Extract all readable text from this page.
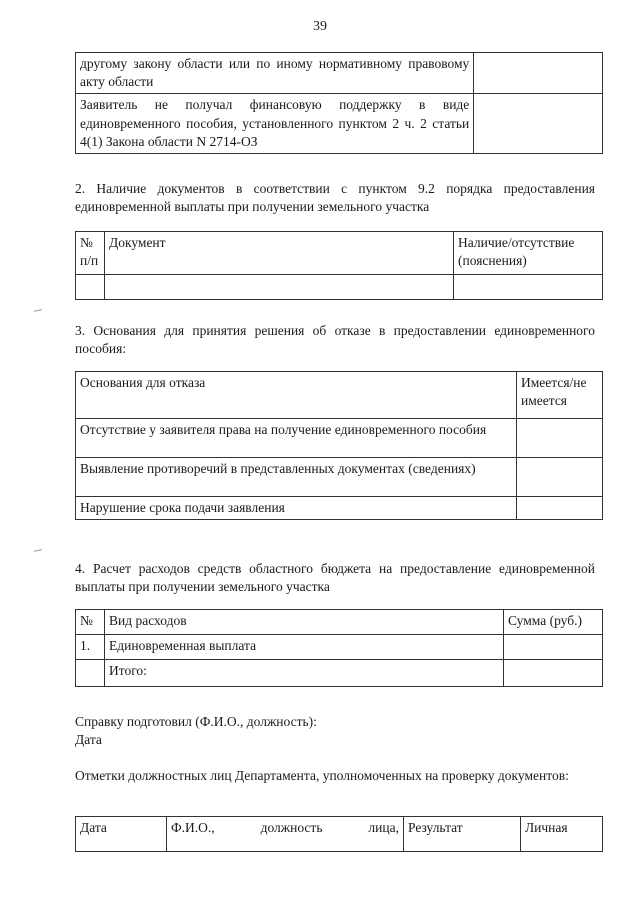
39
другому закону области или по иному нормативному правовому акту области	
Заявитель не получал финансовую поддержку в виде единовременного пособия, установленного пунктом 2 ч. 2 статьи 4(1) Закона области N 2714-ОЗ	
2. Наличие документов в соответствии с пунктом 9.2 порядка предоставления единовременной выплаты при получении земельного участка
№ п/п	Документ	Наличие/отсутствие (пояснения)

3. Основания для принятия решения об отказе в предоставлении единовременного пособия:
Основания для отказа	Имеется/не имеется
Отсутствие у заявителя права на получение единовременного пособия	
Выявление противоречий в представленных документах (сведениях)	
Нарушение срока подачи заявления	
4. Расчет расходов средств областного бюджета на предоставление единовременной выплаты при получении земельного участка
№	Вид расходов	Сумма (руб.)
1.	Единовременная выплата	
	Итого:	
Справку подготовил (Ф.И.О., должность):
Дата
Отметки должностных лиц Департамента, уполномоченных на проверку документов:
Дата	Ф.И.О., должность лица,	Результат	Личная
